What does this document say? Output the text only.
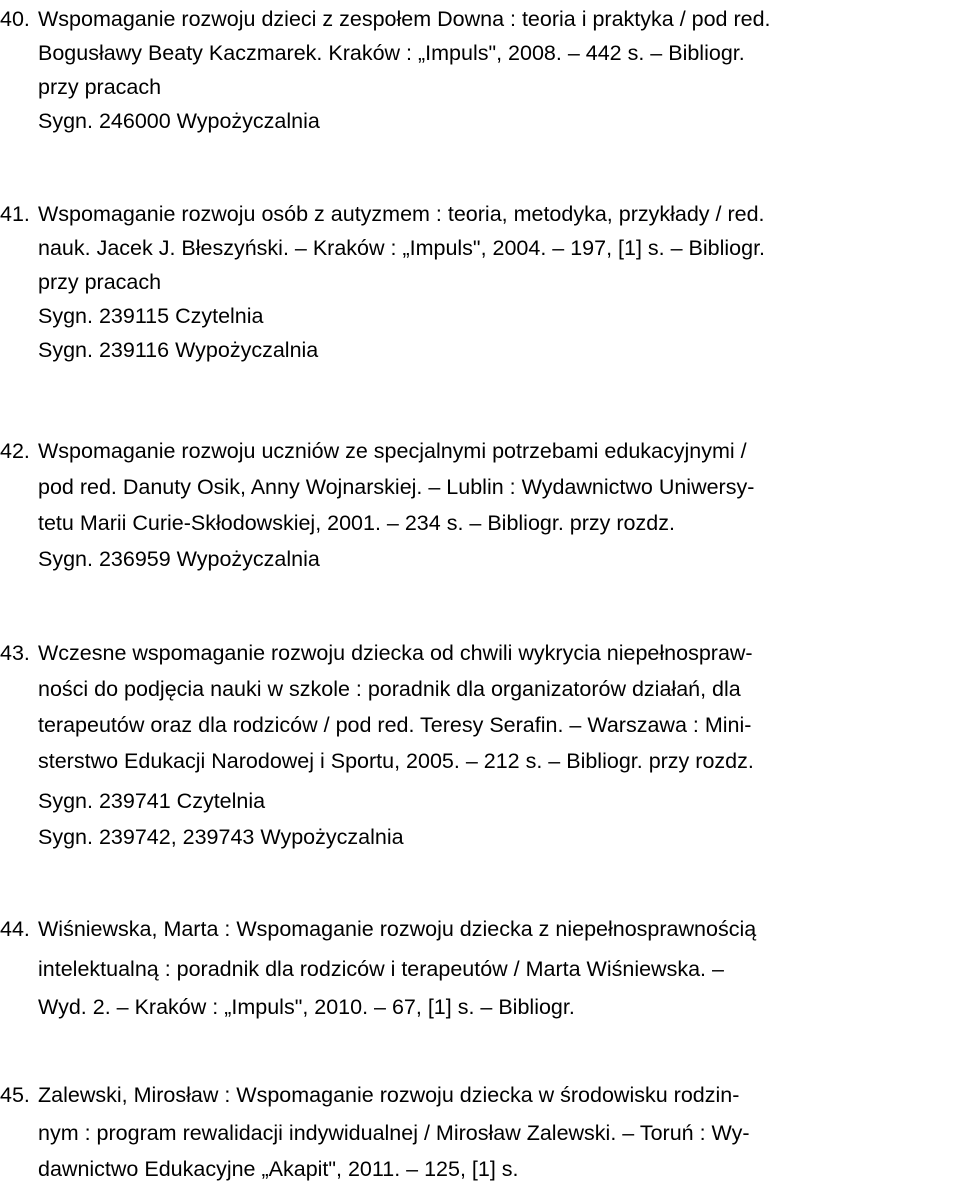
40. Wspomaganie rozwoju dzieci z zespołem Downa : teoria i praktyka / pod red.
Bogusławy Beaty Kaczmarek. Kraków : „Impuls", 2008. – 442 s. – Bibliogr.
przy pracach
Sygn. 246000 Wypożyczalnia
41. Wspomaganie rozwoju osób z autyzmem : teoria, metodyka, przykłady / red.
nauk. Jacek J. Błeszyński. – Kraków : „Impuls", 2004. – 197, [1] s. – Bibliogr.
przy pracach
Sygn. 239115 Czytelnia
Sygn. 239116 Wypożyczalnia
42. Wspomaganie rozwoju uczniów ze specjalnymi potrzebami edukacyjnymi /
pod red. Danuty Osik, Anny Wojnarskiej. – Lublin : Wydawnictwo Uniwersy-
tetu Marii Curie-Skłodowskiej, 2001. – 234 s. – Bibliogr. przy rozdz.
Sygn. 236959 Wypożyczalnia
43. Wczesne wspomaganie rozwoju dziecka od chwili wykrycia niepełnospraw-
ności do podjęcia nauki w szkole : poradnik dla organizatorów działań, dla
terapeutów oraz dla rodziców / pod red. Teresy Serafin. – Warszawa : Mini-
sterstwo Edukacji Narodowej i Sportu, 2005. – 212 s. – Bibliogr. przy rozdz.
Sygn. 239741 Czytelnia
Sygn. 239742, 239743 Wypożyczalnia
44. Wiśniewska, Marta : Wspomaganie rozwoju dziecka z niepełnosprawnością
intelektualną : poradnik dla rodziców i terapeutów / Marta Wiśniewska. –
Wyd. 2. – Kraków : „Impuls", 2010. – 67, [1] s. – Bibliogr.
45. Zalewski, Mirosław : Wspomaganie rozwoju dziecka w środowisku rodzin-
nym : program rewalidacji indywidualnej / Mirosław Zalewski. – Toruń : Wy-
dawnictwo Edukacyjne „Akapit", 2011. – 125, [1] s.
